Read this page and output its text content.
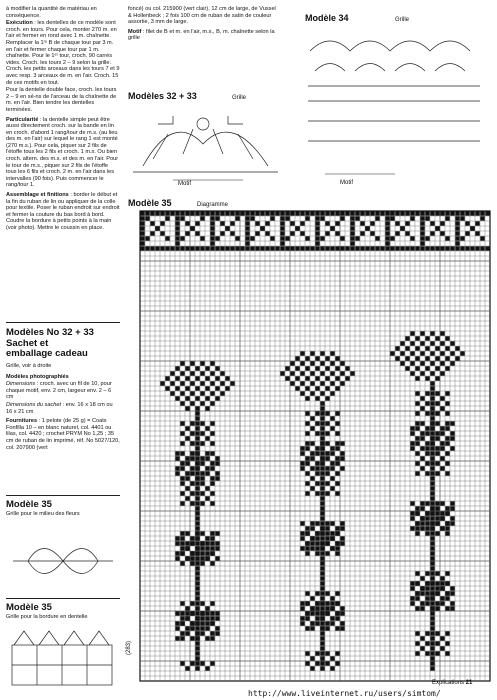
à modifier la quantité de matériau en conséquence.

Exécution : les dentelles de ce modèle sont croch. en tours. Pour cela, monter 270 m. en l'air et fermer en rond avec 1 m. chaînette. Remplacer la 1ʳᵉ B de chaque tour par 3 m. en l'air et fermer chaque tour par 1 m. chaînette. Pour le 1ᵉʳ tour, croch. 90 carrés vides. Croch. les tours 2 – 9 selon la grille. Croch. les petits arceaux dans les tours 7 et 9 avec resp. 3 arceaux de m. en l'air. Croch. 15 de ces motifs en tout.

Pour la dentelle double face, croch. les tours 2 – 9 en sé-ns de l'arceau de la chaînette de m. en l'air. Bien tendre les dentelles terminées.

Particularité : la dentelle simple peut être aussi directement croch. sur la bande en lin en croch. d'abord 1 rang/tour de m.s. (au lieu des m. en l'air) sur lequel le rang 1 est monté (270 m.s.). Pour cela, piquer sur 2 fils de l'étoffe tous les 2 fils et croch. 1 m.s. Ou bien croch. altern. des m.s. et des m. en l'air. Pour le tour de m.s., piquer sur 2 fils de l'étoffe tous les 6 fils et croch. 2 m. en l'air dans les intervalles (90 fois). Puis commencer le rang/tour 1.

Assemblage et finitions : border le début et la fin du ruban de lin ou appliquer de la colle pour textile. Poser le ruban endroit sur endroit et fermer la couture du bas bord à bord. Coudre la bordure à petits points à la main (voir photo). Mettre le coussin en place.

Modèles No 32 + 33
Sachet et
emballage cadeau

Grille, voir à droite

Modèles photographiés

Dimensions : croch. avec un fil de 10, pour chaque motif, env. 2 cm, largeur env. 2 – 6 cm

Dimensions du sachet : env. 16 x 18 cm ou 16 x 21 cm

Fournitures : 1 pelote (de 25 g) = Coats Fonfilla 10 – en blanc naturel, col. 4401 ou lilas, col. 4420 ; crochet PRYM No 1,25 ; 35 cm de ruban de lin imprimé, réf. No 5027/120, col. 207900 (vert

Modèle 35
Grille pour le milieu des fleurs
Modèle 35
Grille pour la bordure en dentelle

foncé) ou col. 215900 (vert clair), 12 cm de large, de Vussel & Hollenbeck ; 2 fois 100 cm de ruban de satin de couleur assortie, 3 mm de large.

Motif : filet de B et m. en l'air, m.s., B, m. chaînette selon la grille

Modèles 32 + 33	Grille
Motif
Modèle 34	Grille
Motif
Modèle 35	Diagramme
(283)
Explications 21
http://www.liveinternet.ru/users/simtom/
